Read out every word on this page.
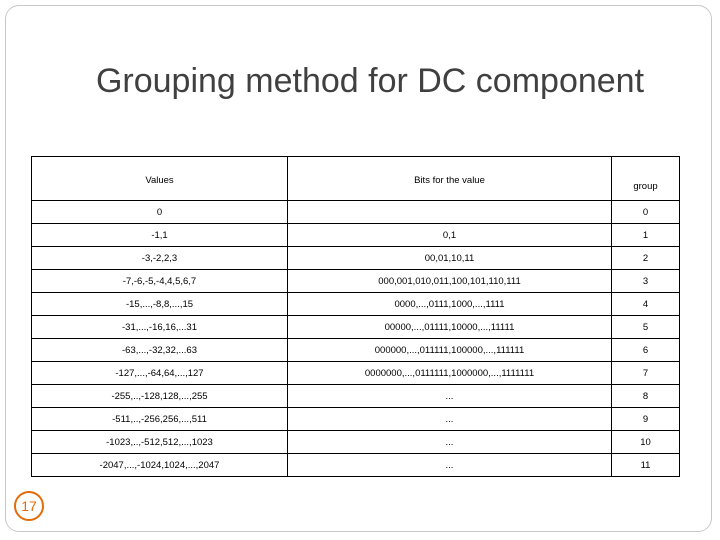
Grouping method for DC component
Values	Bits for the value	group
0		0
-1,1	0,1	1
-3,-2,2,3	00,01,10,11	2
-7,-6,-5,-4,4,5,6,7	000,001,010,011,100,101,110,111	3
-15,...,-8,8,...,15	0000,...,0111,1000,...,1111	4
-31,...,-16,16,...31	00000,...,01111,10000,...,11111	5
-63,...,-32,32,...63	000000,...,011111,100000,...,111111	6
-127,...,-64,64,...,127	0000000,...,0111111,1000000,...,1111111	7
-255,..,-128,128,...,255	...	8
-511,..,-256,256,...,511	...	9
-1023,..,-512,512,...,1023	...	10
-2047,...,-1024,1024,...,2047	...	11
17
